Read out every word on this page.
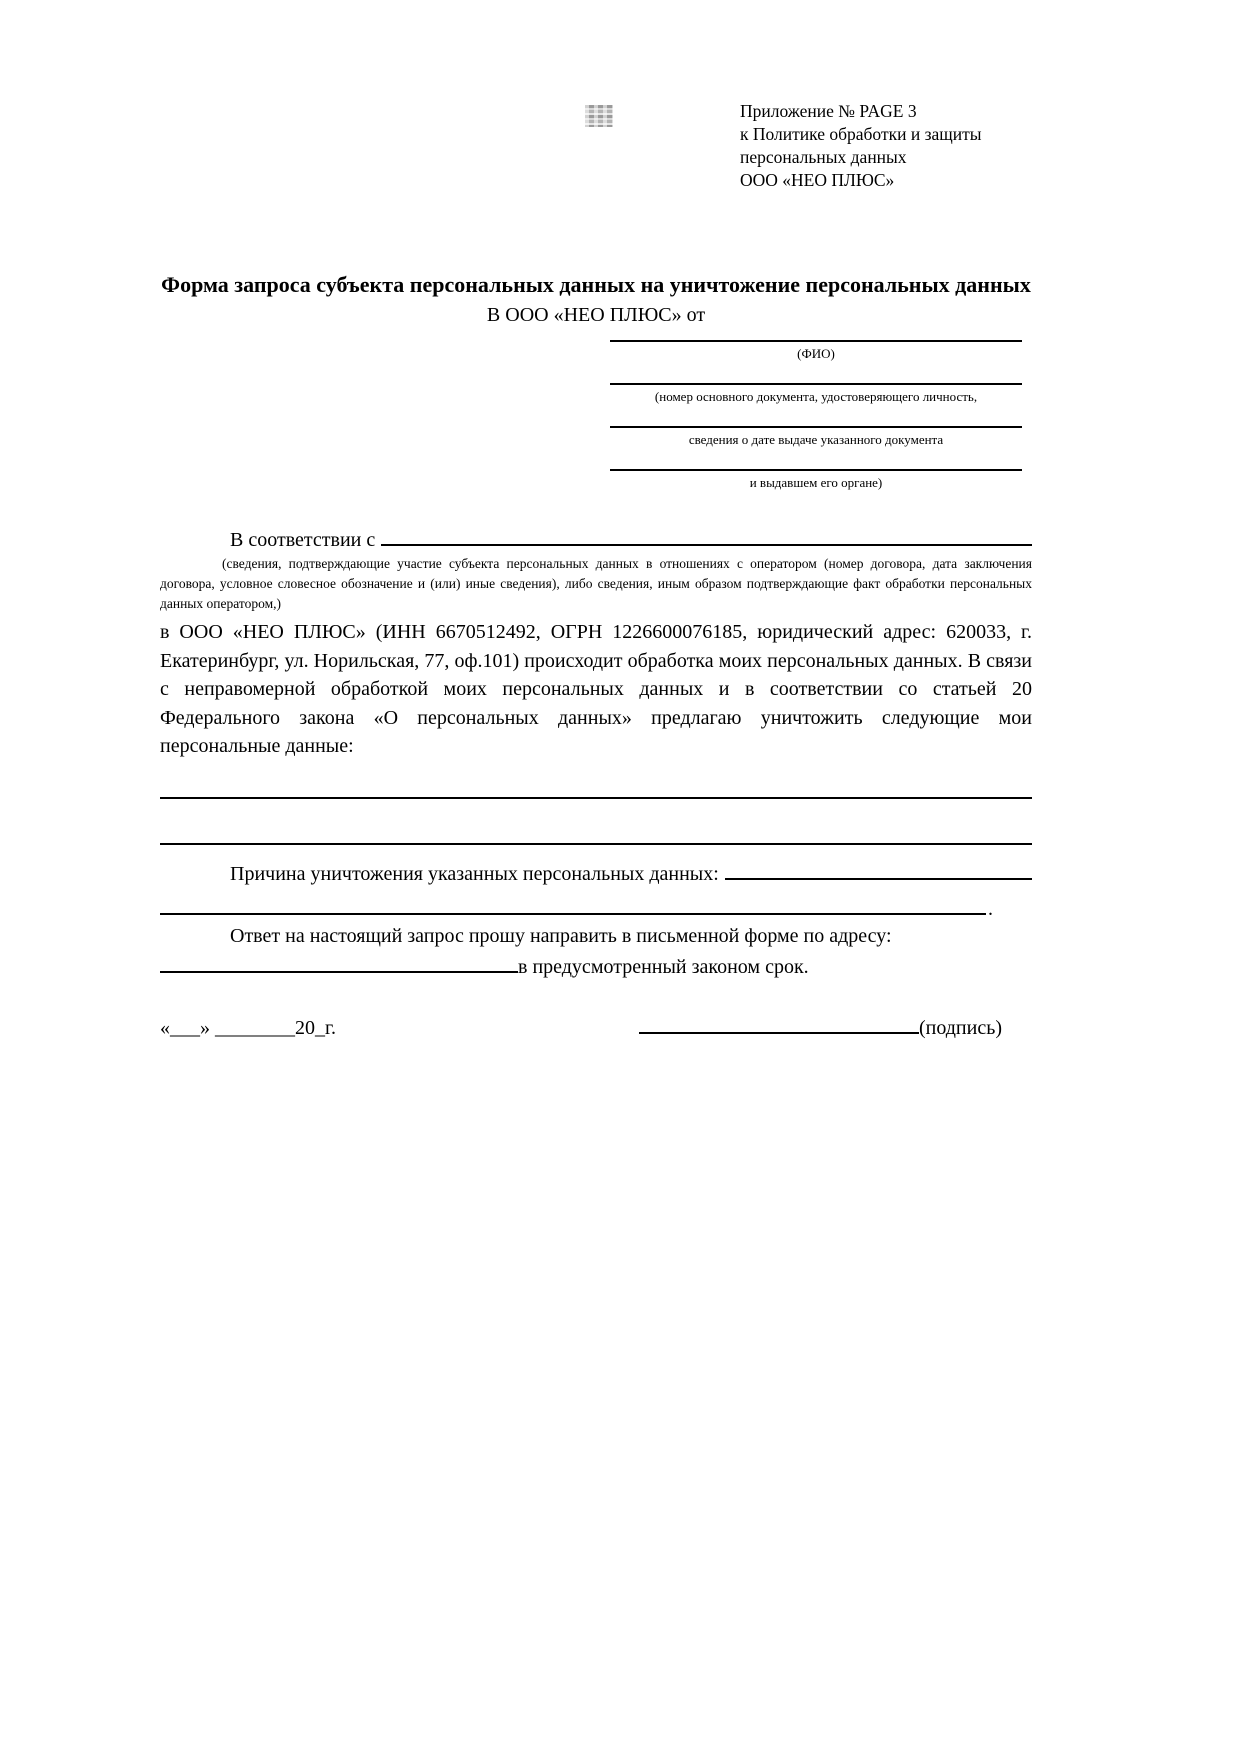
Приложение № PAGE 3
к Политике обработки и защиты
персональных данных
ООО «НЕО ПЛЮС»
Форма запроса субъекта персональных данных на уничтожение персональных данных
В ООО «НЕО ПЛЮС» от
(ФИО)
(номер основного документа, удостоверяющего личность,
сведения о дате выдаче указанного документа
и выдавшем его органе)
В соответствии с
(сведения, подтверждающие участие субъекта персональных данных в отношениях с оператором (номер договора, дата заключения договора, условное словесное обозначение и (или) иные сведения), либо сведения, иным образом подтверждающие факт обработки персональных данных оператором,)
в ООО «НЕО ПЛЮС» (ИНН 6670512492, ОГРН 1226600076185, юридический адрес: 620033, г. Екатеринбург, ул. Норильская, 77, оф.101) происходит обработка моих персональных данных. В связи с неправомерной обработкой моих персональных данных и в соответствии со статьей 20 Федерального закона «О персональных данных» предлагаю уничтожить следующие мои персональные данные:
Причина уничтожения указанных персональных данных:
.
Ответ на настоящий запрос прошу направить в письменной форме по адресу:
в предусмотренный законом срок.
«___» ________20_г.	(подпись)
